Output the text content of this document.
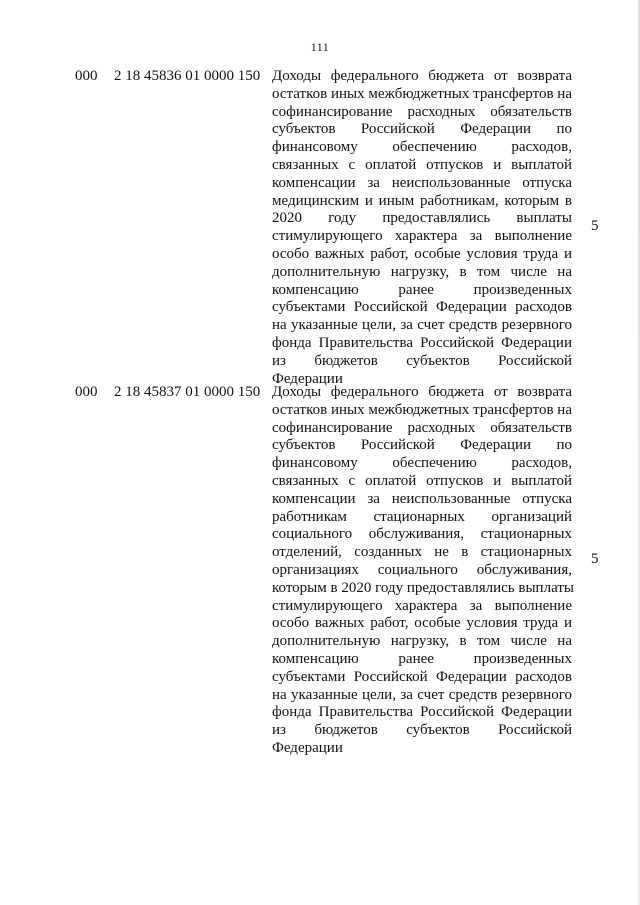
111
000 2 18 45836 01 0000 150 Доходы федерального бюджета от возврата
остатков иных межбюджетных трансфертов на
софинансирование расходных обязательств
субъектов Российской Федерации по
финансовому обеспечению расходов,
связанных с оплатой отпусков и выплатой
компенсации за неиспользованные отпуска
медицинским и иным работникам, которым в
2020 году предоставлялись выплаты
стимулирующего характера за выполнение
особо важных работ, особые условия труда и
дополнительную нагрузку, в том числе на
компенсацию ранее произведенных
субъектами Российской Федерации расходов
на указанные цели, за счет средств резервного
фонда Правительства Российской Федерации
из бюджетов субъектов Российской
Федерации
5
000 2 18 45837 01 0000 150 Доходы федерального бюджета от возврата
остатков иных межбюджетных трансфертов на
софинансирование расходных обязательств
субъектов Российской Федерации по
финансовому обеспечению расходов,
связанных с оплатой отпусков и выплатой
компенсации за неиспользованные отпуска
работникам стационарных организаций
социального обслуживания, стационарных
отделений, созданных не в стационарных
организациях социального обслуживания,
которым в 2020 году предоставлялись выплаты
стимулирующего характера за выполнение
особо важных работ, особые условия труда и
дополнительную нагрузку, в том числе на
компенсацию ранее произведенных
субъектами Российской Федерации расходов
на указанные цели, за счет средств резервного
фонда Правительства Российской Федерации
из бюджетов субъектов Российской
Федерации
5
